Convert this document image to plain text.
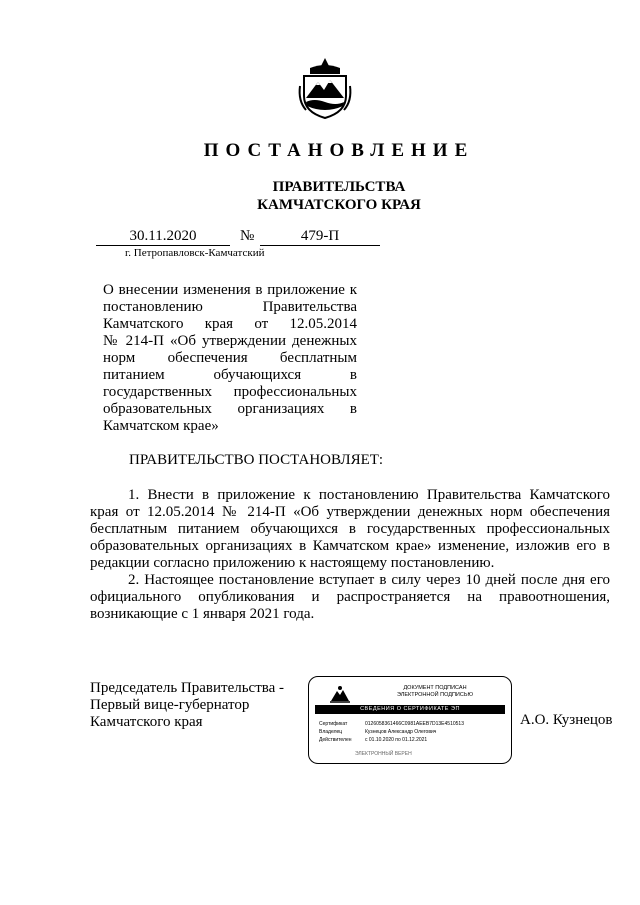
ПОСТАНОВЛЕНИЕ
ПРАВИТЕЛЬСТВА
КАМЧАТСКОГО КРАЯ
30.11.2020	№	479-П
г. Петропавловск-Камчатский
О внесении изменения в приложение к
постановлению Правительства
Камчатского края от 12.05.2014
№ 214-П «Об утверждении денежных
норм обеспечения бесплатным
питанием обучающихся в
государственных профессиональных
образовательных организациях в
Камчатском крае»
ПРАВИТЕЛЬСТВО ПОСТАНОВЛЯЕТ:

1. Внести в приложение к постановлению Правительства Камчатского края от 12.05.2014 № 214-П «Об утверждении денежных норм обеспечения бесплатным питанием обучающихся в государственных профессиональных образовательных организациях в Камчатском крае» изменение, изложив его в редакции согласно приложению к настоящему постановлению.

2. Настоящее постановление вступает в силу через 10 дней после дня его официального опубликования и распространяется на правоотношения, возникающие с 1 января 2021 года.

Председатель Правительства -
Первый вице-губернатор
Камчатского края
ДОКУМЕНТ ПОДПИСАН
ЭЛЕКТРОННОЙ ПОДПИСЬЮ
СВЕДЕНИЯ О СЕРТИФИКАТЕ ЭП
Сертификат	0126058361466C0981AEEB7D13E4510513
Владелец	Кузнецов Александр Олегович
Действителен	с 01.10.2020 по 01.12.2021
ЭЛЕКТРОННЫЙ ВЕРЕН
А.О. Кузнецов
